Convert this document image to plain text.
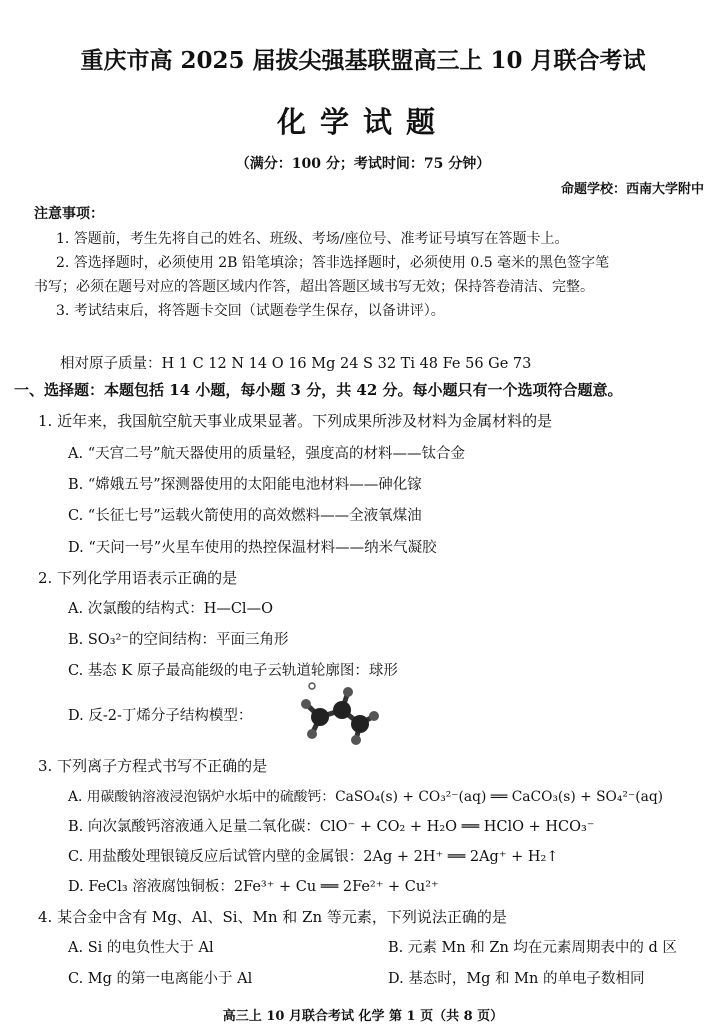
重庆市高 2025 届拔尖强基联盟高三上 10 月联合考试
化学试题
（满分：100 分；考试时间：75 分钟）
命题学校：西南大学附中
注意事项：
1. 答题前，考生先将自己的姓名、班级、考场/座位号、准考证号填写在答题卡上。
2. 答选择题时，必须使用 2B 铅笔填涂；答非选择题时，必须使用 0.5 毫米的黑色签字笔
书写；必须在题号对应的答题区域内作答，超出答题区域书写无效；保持答卷清洁、完整。
3. 考试结束后，将答题卡交回（试题卷学生保存，以备讲评）。
相对原子质量：H 1 C 12 N 14 O 16 Mg 24 S 32 Ti 48 Fe 56 Ge 73
一、选择题：本题包括 14 小题，每小题 3 分，共 42 分。每小题只有一个选项符合题意。
1. 近年来，我国航空航天事业成果显著。下列成果所涉及材料为金属材料的是
A. “天宫二号”航天器使用的质量轻，强度高的材料——钛合金
B. “嫦娥五号”探测器使用的太阳能电池材料——砷化镓
C. “长征七号”运载火箭使用的高效燃料——全液氧煤油
D. “天问一号”火星车使用的热控保温材料——纳米气凝胶
2. 下列化学用语表示正确的是
A. 次氯酸的结构式：H—Cl—O
B. SO₃²⁻的空间结构：平面三角形
C. 基态 K 原子最高能级的电子云轨道轮廓图：球形
D. 反-2-丁烯分子结构模型：
3. 下列离子方程式书写不正确的是
A. 用碳酸钠溶液浸泡锅炉水垢中的硫酸钙：CaSO₄(s) + CO₃²⁻(aq) ══ CaCO₃(s) + SO₄²⁻(aq)
B. 向次氯酸钙溶液通入足量二氧化碳：ClO⁻ + CO₂ + H₂O ══ HClO + HCO₃⁻
C. 用盐酸处理银镜反应后试管内壁的金属银：2Ag + 2H⁺ ══ 2Ag⁺ + H₂↑
D. FeCl₃ 溶液腐蚀铜板：2Fe³⁺ + Cu ══ 2Fe²⁺ + Cu²⁺
4. 某合金中含有 Mg、Al、Si、Mn 和 Zn 等元素，下列说法正确的是
A. Si 的电负性大于 Al	B. 元素 Mn 和 Zn 均在元素周期表中的 d 区
C. Mg 的第一电离能小于 Al	D. 基态时，Mg 和 Mn 的单电子数相同
高三上 10 月联合考试 化学 第 1 页（共 8 页）
